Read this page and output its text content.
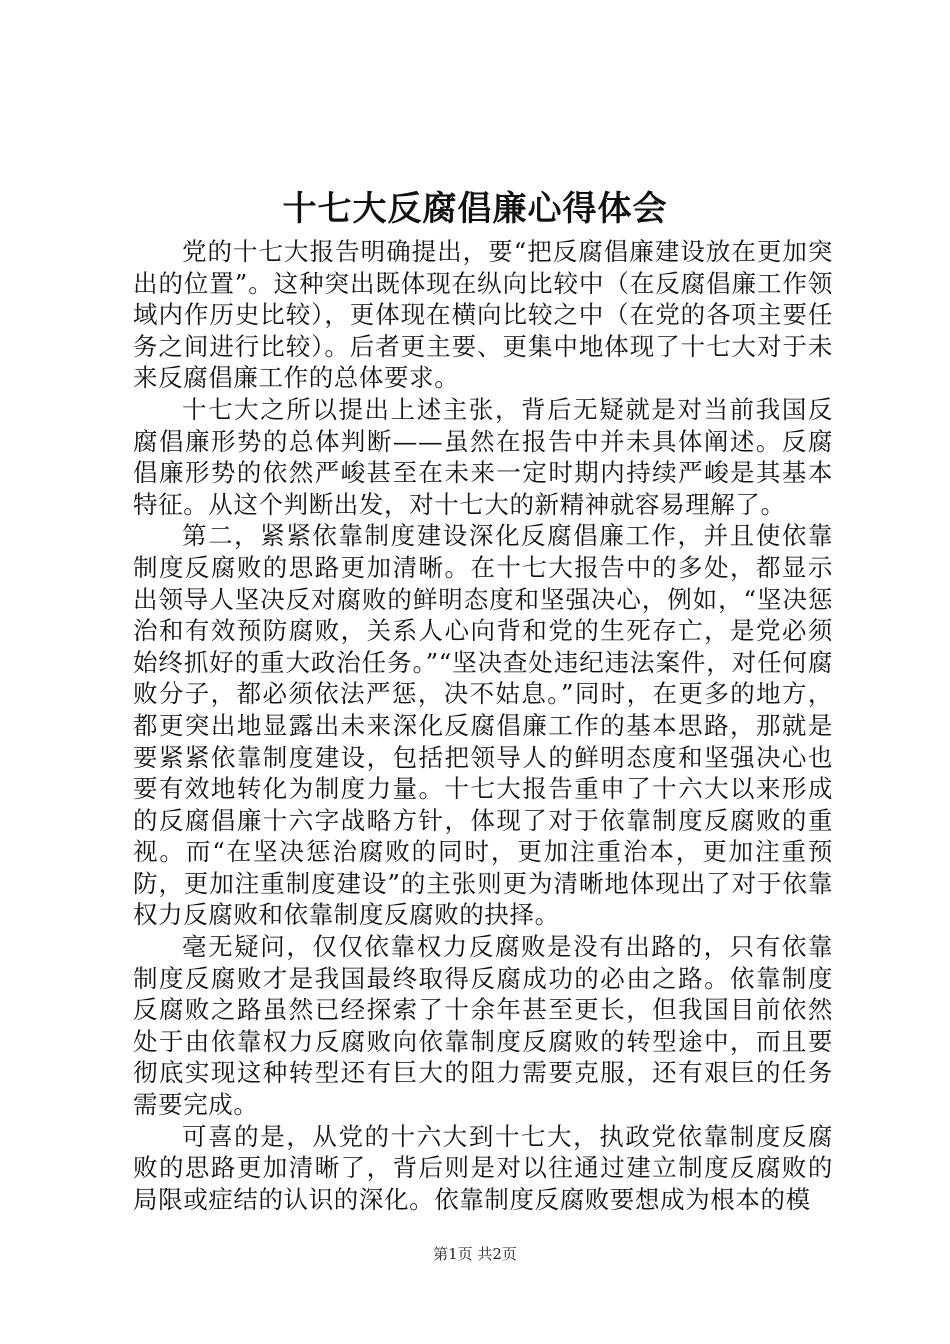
十七大反腐倡廉心得体会

党的十七大报告明确提出，要“把反腐倡廉建设放在更加突出的位置”。这种突出既体现在纵向比较中（在反腐倡廉工作领域内作历史比较），更体现在横向比较之中（在党的各项主要任务之间进行比较）。后者更主要、更集中地体现了十七大对于未来反腐倡廉工作的总体要求。

十七大之所以提出上述主张，背后无疑就是对当前我国反腐倡廉形势的总体判断——虽然在报告中并未具体阐述。反腐倡廉形势的依然严峻甚至在未来一定时期内持续严峻是其基本特征。从这个判断出发，对十七大的新精神就容易理解了。

第二，紧紧依靠制度建设深化反腐倡廉工作，并且使依靠制度反腐败的思路更加清晰。在十七大报告中的多处，都显示出领导人坚决反对腐败的鲜明态度和坚强决心，例如，“坚决惩治和有效预防腐败，关系人心向背和党的生死存亡，是党必须始终抓好的重大政治任务。”“坚决查处违纪违法案件，对任何腐败分子，都必须依法严惩，决不姑息。”同时，在更多的地方，都更突出地显露出未来深化反腐倡廉工作的基本思路，那就是要紧紧依靠制度建设，包括把领导人的鲜明态度和坚强决心也要有效地转化为制度力量。十七大报告重申了十六大以来形成的反腐倡廉十六字战略方针，体现了对于依靠制度反腐败的重视。而“在坚决惩治腐败的同时，更加注重治本，更加注重预防，更加注重制度建设”的主张则更为清晰地体现出了对于依靠权力反腐败和依靠制度反腐败的抉择。

毫无疑问，仅仅依靠权力反腐败是没有出路的，只有依靠制度反腐败才是我国最终取得反腐成功的必由之路。依靠制度反腐败之路虽然已经探索了十余年甚至更长，但我国目前依然处于由依靠权力反腐败向依靠制度反腐败的转型途中，而且要彻底实现这种转型还有巨大的阻力需要克服，还有艰巨的任务需要完成。

可喜的是，从党的十六大到十七大，执政党依靠制度反腐败的思路更加清晰了，背后则是对以往通过建立制度反腐败的局限或症结的认识的深化。依靠制度反腐败要想成为根本的模

第1页 共2页
